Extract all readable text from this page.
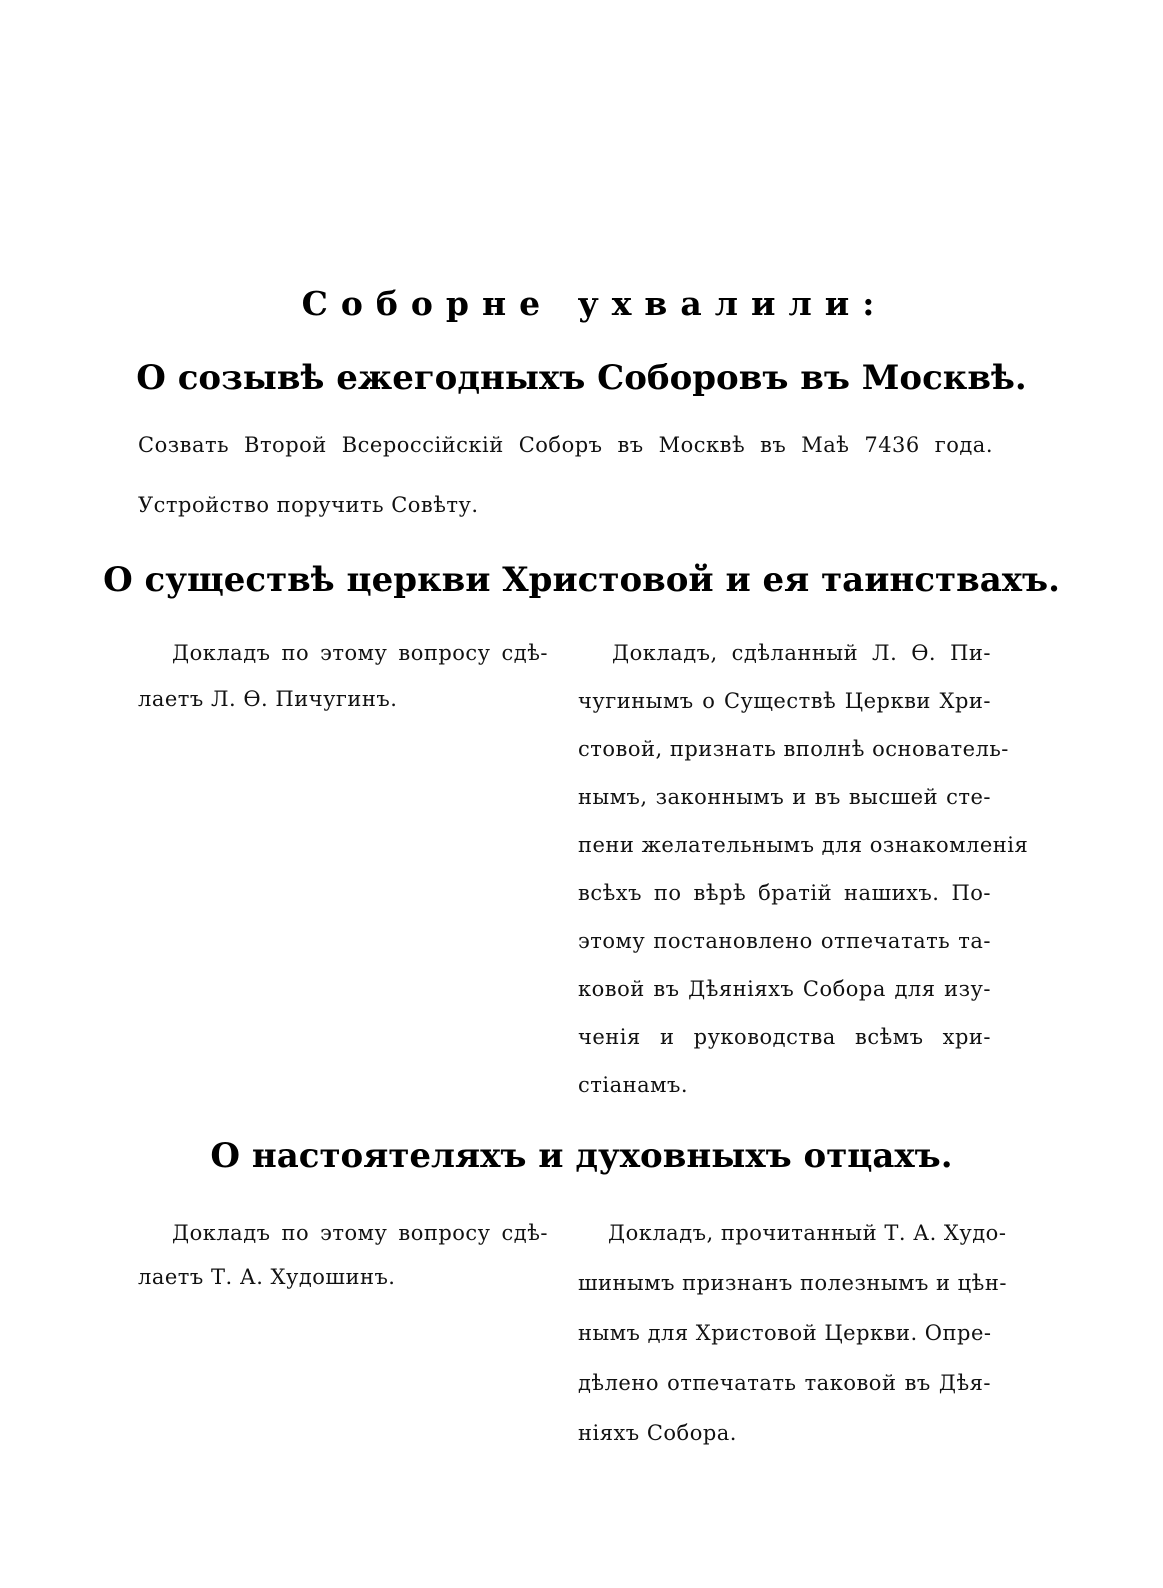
Соборне ухвалили:
О созывѣ ежегодныхъ Соборовъ въ Москвѣ.
Созвать Второй Всероссiйскiй Соборъ въ Москвѣ въ Маѣ 7436 года.
Устройство поручить Совѣту.
О существѣ церкви Христовой и ея таинствахъ.
Докладъ по этому вопросу сдѣ-
лаетъ Л. Ѳ. Пичугинъ.
Докладъ, сдѣланный Л. Ѳ. Пи-
чугинымъ о Существѣ Церкви Хри-
стовой, признать вполнѣ основатель-
нымъ, законнымъ и въ высшей сте-
пени желательнымъ для ознакомленiя
всѣхъ по вѣрѣ братiй нашихъ. По-
этому постановлено отпечатать та-
ковой въ Дѣянiяхъ Собора для изу-
ченiя и руководства всѣмъ хри-
стiанамъ.
О настоятеляхъ и духовныхъ отцахъ.
Докладъ по этому вопросу сдѣ-
лаетъ Т. А. Худошинъ.
Докладъ, прочитанный Т. А. Худо-
шинымъ признанъ полезнымъ и цѣн-
нымъ для Христовой Церкви. Опре-
дѣлено отпечатать таковой въ Дѣя-
нiяхъ Собора.
